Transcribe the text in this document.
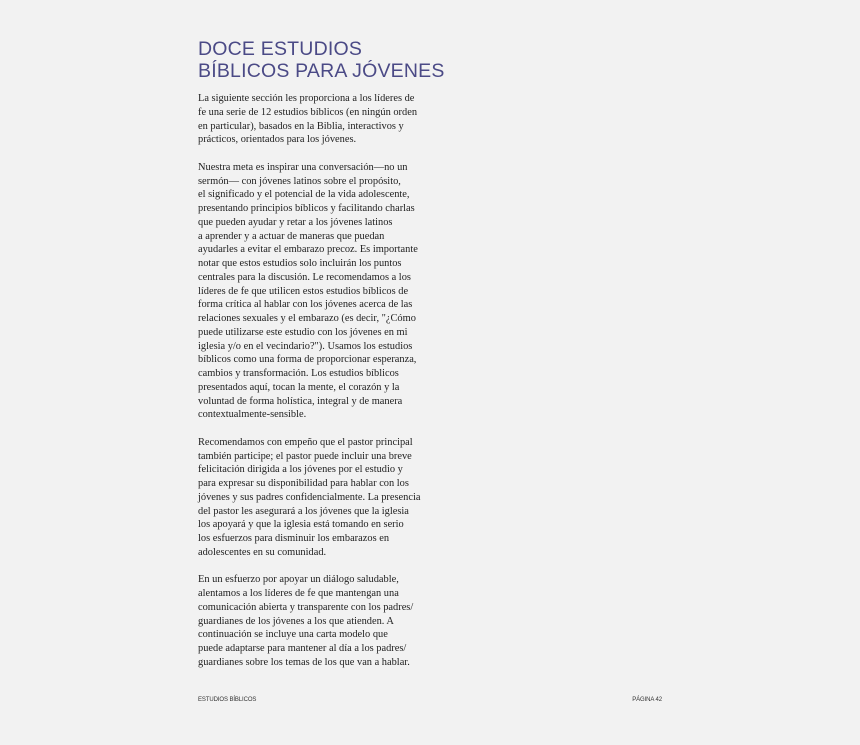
DOCE ESTUDIOS
BÍBLICOS PARA JÓVENES

La siguiente sección les proporciona a los líderes de
fe una serie de 12 estudios bíblicos (en ningún orden
en particular), basados en la Biblia, interactivos y
prácticos, orientados para los jóvenes.

Nuestra meta es inspirar una conversación—no un
sermón— con jóvenes latinos sobre el propósito,
el significado y el potencial de la vida adolescente,
presentando principios bíblicos y facilitando charlas
que pueden ayudar y retar a los jóvenes latinos
a aprender y a actuar de maneras que puedan
ayudarles a evitar el embarazo precoz. Es importante
notar que estos estudios solo incluirán los puntos
centrales para la discusión. Le recomendamos a los
líderes de fe que utilicen estos estudios bíblicos de
forma crítica al hablar con los jóvenes acerca de las
relaciones sexuales y el embarazo (es decir, "¿Cómo
puede utilizarse este estudio con los jóvenes en mi
iglesia y/o en el vecindario?"). Usamos los estudios
bíblicos como una forma de proporcionar esperanza,
cambios y transformación. Los estudios bíblicos
presentados aquí, tocan la mente, el corazón y la
voluntad de forma holística, integral y de manera
contextualmente-sensible.

Recomendamos con empeño que el pastor principal
también participe; el pastor puede incluir una breve
felicitación dirigida a los jóvenes por el estudio y
para expresar su disponibilidad para hablar con los
jóvenes y sus padres confidencialmente. La presencia
del pastor les asegurará a los jóvenes que la iglesia
los apoyará y que la iglesia está tomando en serio
los esfuerzos para disminuir los embarazos en
adolescentes en su comunidad.

En un esfuerzo por apoyar un diálogo saludable,
alentamos a los líderes de fe que mantengan una
comunicación abierta y transparente con los padres/
guardianes de los jóvenes a los que atienden. A
continuación se incluye una carta modelo que
puede adaptarse para mantener al día a los padres/
guardianes sobre los temas de los que van a hablar.

ESTUDIOS BÍBLICOS	PÁGINA 42
